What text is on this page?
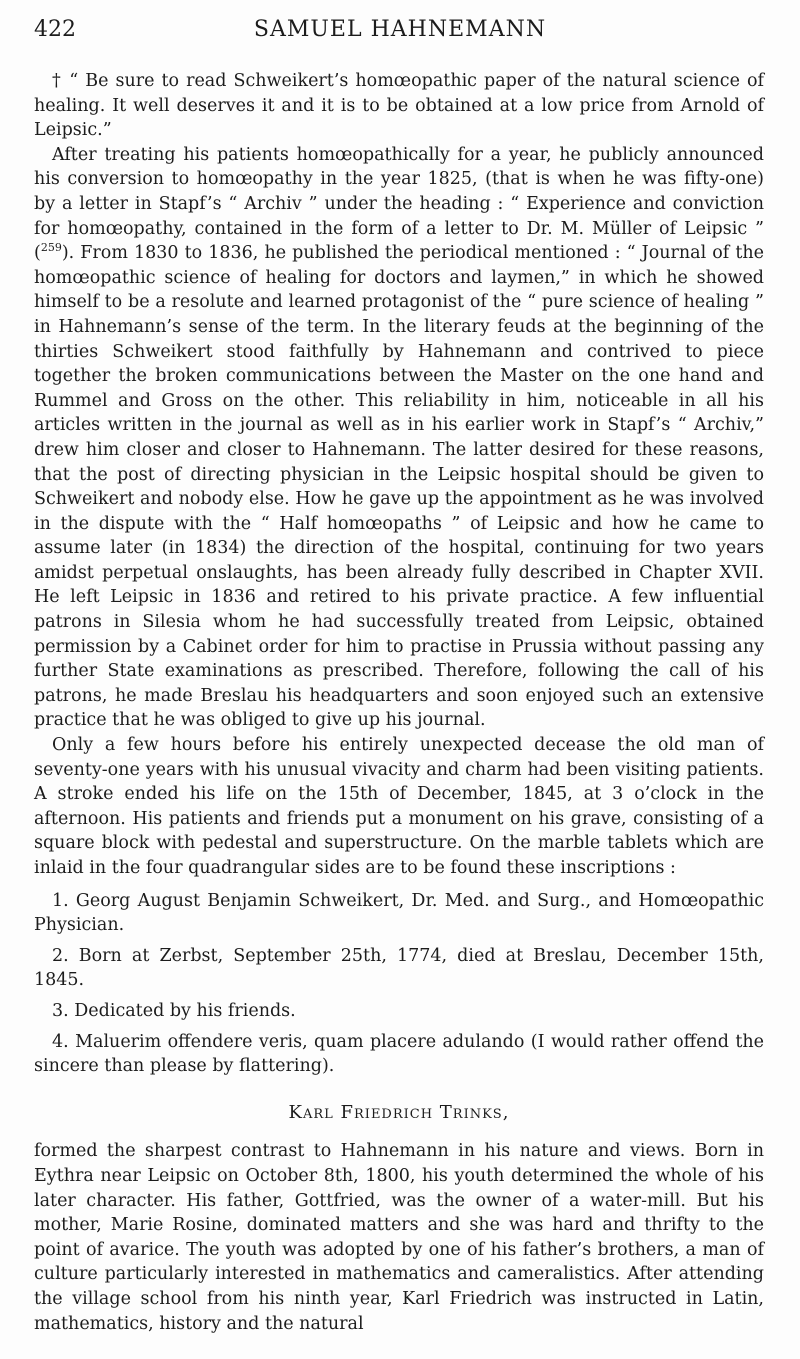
422	SAMUEL HAHNEMANN

† “ Be sure to read Schweikert’s homœopathic paper of the natural science of healing. It well deserves it and it is to be obtained at a low price from Arnold of Leipsic.”

After treating his patients homœopathically for a year, he publicly announced his conversion to homœopathy in the year 1825, (that is when he was fifty-one) by a letter in Stapf’s “ Archiv ” under the heading : “ Experience and conviction for homœopathy, contained in the form of a letter to Dr. M. Müller of Leipsic ” ($^{259}$). From 1830 to 1836, he published the periodical mentioned : “ Journal of the homœopathic science of healing for doctors and laymen,” in which he showed himself to be a resolute and learned protagonist of the “ pure science of healing ” in Hahnemann’s sense of the term. In the literary feuds at the beginning of the thirties Schweikert stood faithfully by Hahnemann and contrived to piece together the broken communications between the Master on the one hand and Rummel and Gross on the other. This reliability in him, noticeable in all his articles written in the journal as well as in his earlier work in Stapf’s “ Archiv,” drew him closer and closer to Hahnemann. The latter desired for these reasons, that the post of directing physician in the Leipsic hospital should be given to Schweikert and nobody else. How he gave up the appointment as he was involved in the dispute with the “ Half homœopaths ” of Leipsic and how he came to assume later (in 1834) the direction of the hospital, continuing for two years amidst perpetual onslaughts, has been already fully described in Chapter XVII. He left Leipsic in 1836 and retired to his private practice. A few influential patrons in Silesia whom he had successfully treated from Leipsic, obtained permission by a Cabinet order for him to practise in Prussia without passing any further State examinations as prescribed. Therefore, following the call of his patrons, he made Breslau his headquarters and soon enjoyed such an extensive practice that he was obliged to give up his journal.

Only a few hours before his entirely unexpected decease the old man of seventy-one years with his unusual vivacity and charm had been visiting patients. A stroke ended his life on the 15th of December, 1845, at 3 o’clock in the afternoon. His patients and friends put a monument on his grave, consisting of a square block with pedestal and superstructure. On the marble tablets which are inlaid in the four quadrangular sides are to be found these inscriptions :

1. Georg August Benjamin Schweikert, Dr. Med. and Surg., and Homœopathic Physician.

2. Born at Zerbst, September 25th, 1774, died at Breslau, December 15th, 1845.

3. Dedicated by his friends.

4. Maluerim offendere veris, quam placere adulando (I would rather offend the sincere than please by flattering).

Karl Friedrich Trinks,

formed the sharpest contrast to Hahnemann in his nature and views. Born in Eythra near Leipsic on October 8th, 1800, his youth determined the whole of his later character. His father, Gottfried, was the owner of a water-mill. But his mother, Marie Rosine, dominated matters and she was hard and thrifty to the point of avarice. The youth was adopted by one of his father’s brothers, a man of culture particularly interested in mathematics and cameralistics. After attending the village school from his ninth year, Karl Friedrich was instructed in Latin, mathematics, history and the natural
